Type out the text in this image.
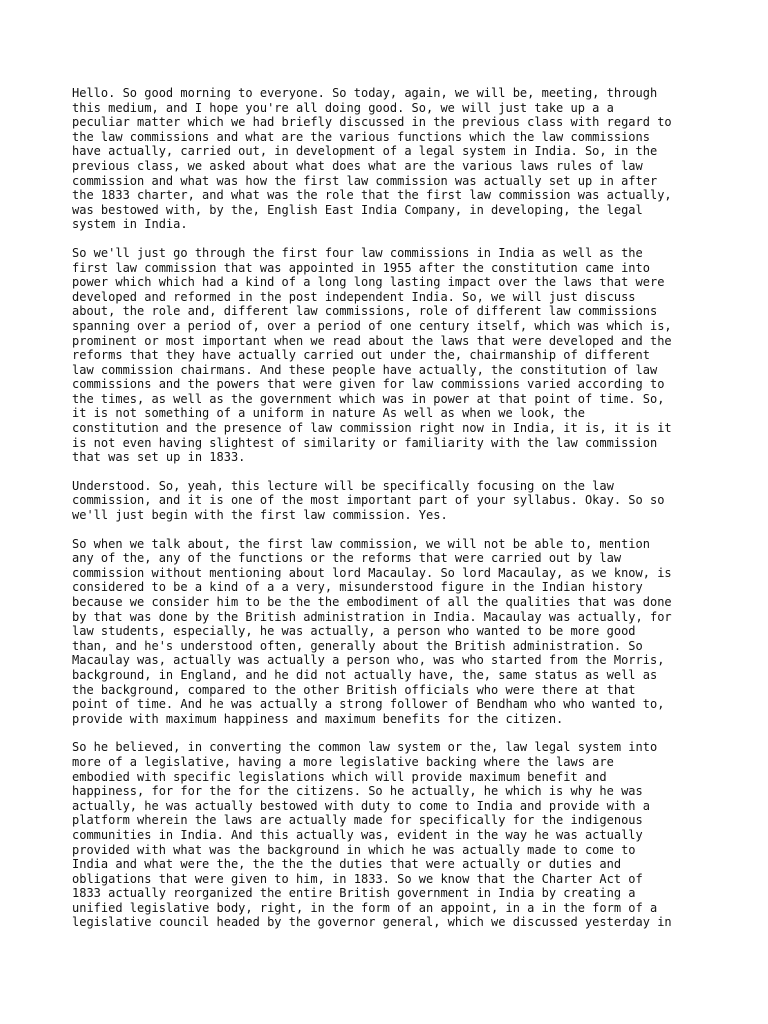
Hello. So good morning to everyone. So today, again, we will be, meeting, through
this medium, and I hope you're all doing good. So, we will just take up a a
peculiar matter which we had briefly discussed in the previous class with regard to
the law commissions and what are the various functions which the law commissions
have actually, carried out, in development of a legal system in India. So, in the
previous class, we asked about what does what are the various laws rules of law
commission and what was how the first law commission was actually set up in after
the 1833 charter, and what was the role that the first law commission was actually,
was bestowed with, by the, English East India Company, in developing, the legal
system in India.

So we'll just go through the first four law commissions in India as well as the
first law commission that was appointed in 1955 after the constitution came into
power which which had a kind of a long long lasting impact over the laws that were
developed and reformed in the post independent India. So, we will just discuss
about, the role and, different law commissions, role of different law commissions
spanning over a period of, over a period of one century itself, which was which is,
prominent or most important when we read about the laws that were developed and the
reforms that they have actually carried out under the, chairmanship of different
law commission chairmans. And these people have actually, the constitution of law
commissions and the powers that were given for law commissions varied according to
the times, as well as the government which was in power at that point of time. So,
it is not something of a uniform in nature As well as when we look, the
constitution and the presence of law commission right now in India, it is, it is it
is not even having slightest of similarity or familiarity with the law commission
that was set up in 1833.

Understood. So, yeah, this lecture will be specifically focusing on the law
commission, and it is one of the most important part of your syllabus. Okay. So so
we'll just begin with the first law commission. Yes.

So when we talk about, the first law commission, we will not be able to, mention
any of the, any of the functions or the reforms that were carried out by law
commission without mentioning about lord Macaulay. So lord Macaulay, as we know, is
considered to be a kind of a a very, misunderstood figure in the Indian history
because we consider him to be the the embodiment of all the qualities that was done
by that was done by the British administration in India. Macaulay was actually, for
law students, especially, he was actually, a person who wanted to be more good
than, and he's understood often, generally about the British administration. So
Macaulay was, actually was actually a person who, was who started from the Morris,
background, in England, and he did not actually have, the, same status as well as
the background, compared to the other British officials who were there at that
point of time. And he was actually a strong follower of Bendham who who wanted to,
provide with maximum happiness and maximum benefits for the citizen.

So he believed, in converting the common law system or the, law legal system into
more of a legislative, having a more legislative backing where the laws are
embodied with specific legislations which will provide maximum benefit and
happiness, for for the for the citizens. So he actually, he which is why he was
actually, he was actually bestowed with duty to come to India and provide with a
platform wherein the laws are actually made for specifically for the indigenous
communities in India. And this actually was, evident in the way he was actually
provided with what was the background in which he was actually made to come to
India and what were the, the the the duties that were actually or duties and
obligations that were given to him, in 1833. So we know that the Charter Act of
1833 actually reorganized the entire British government in India by creating a
unified legislative body, right, in the form of an appoint, in a in the form of a
legislative council headed by the governor general, which we discussed yesterday in
